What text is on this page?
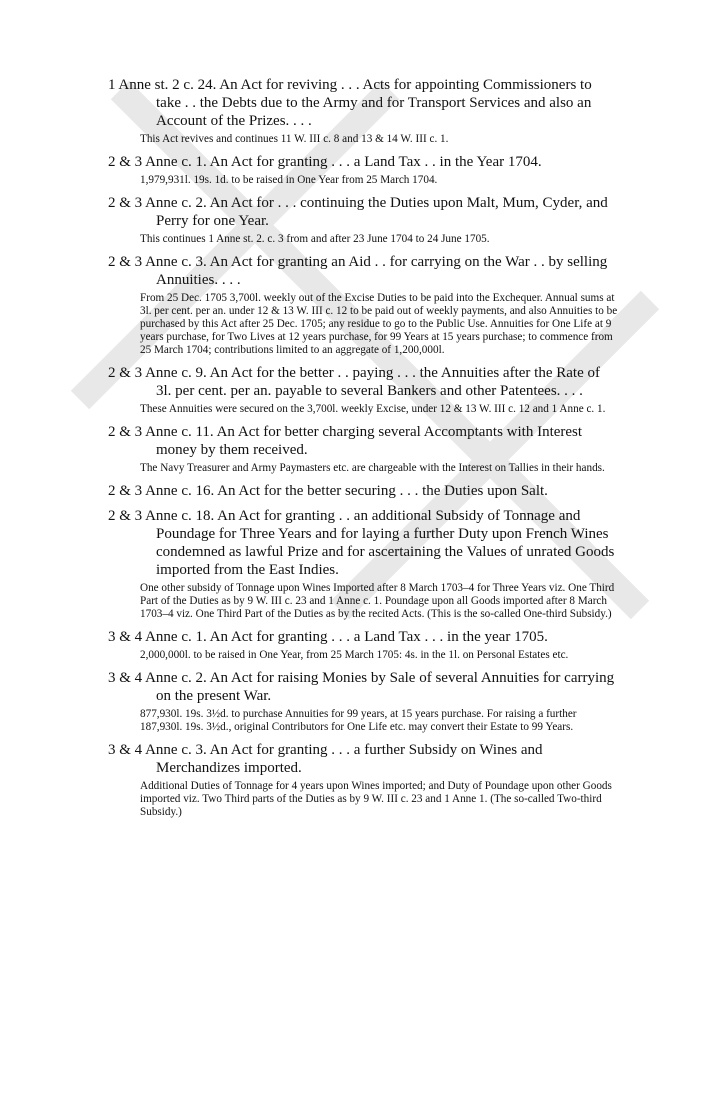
1 Anne st. 2 c. 24. An Act for reviving . . . Acts for appointing Commissioners to take . . the Debts due to the Army and for Transport Services and also an Account of the Prizes. . . .
This Act revives and continues 11 W. III c. 8 and 13 & 14 W. III c. 1.
2 & 3 Anne c. 1. An Act for granting . . . a Land Tax . . in the Year 1704.
1,979,931l. 19s. 1d. to be raised in One Year from 25 March 1704.
2 & 3 Anne c. 2. An Act for . . . continuing the Duties upon Malt, Mum, Cyder, and Perry for one Year.
This continues 1 Anne st. 2. c. 3 from and after 23 June 1704 to 24 June 1705.
2 & 3 Anne c. 3. An Act for granting an Aid . . for carrying on the War . . by selling Annuities. . . .
From 25 Dec. 1705 3,700l. weekly out of the Excise Duties to be paid into the Exchequer. Annual sums at 3l. per cent. per an. under 12 & 13 W. III c. 12 to be paid out of weekly payments, and also Annuities to be purchased by this Act after 25 Dec. 1705; any residue to go to the Public Use. Annuities for One Life at 9 years purchase, for Two Lives at 12 years purchase, for 99 Years at 15 years purchase; to commence from 25 March 1704; contributions limited to an aggregate of 1,200,000l.
2 & 3 Anne c. 9. An Act for the better . . paying . . . the Annuities after the Rate of 3l. per cent. per an. payable to several Bankers and other Patentees. . . .
These Annuities were secured on the 3,700l. weekly Excise, under 12 & 13 W. III c. 12 and 1 Anne c. 1.
2 & 3 Anne c. 11. An Act for better charging several Accomptants with Interest money by them received.
The Navy Treasurer and Army Paymasters etc. are chargeable with the Interest on Tallies in their hands.
2 & 3 Anne c. 16. An Act for the better securing . . . the Duties upon Salt.
2 & 3 Anne c. 18. An Act for granting . . an additional Subsidy of Tonnage and Poundage for Three Years and for laying a further Duty upon French Wines condemned as lawful Prize and for ascertaining the Values of unrated Goods imported from the East Indies.
One other subsidy of Tonnage upon Wines Imported after 8 March 1703–4 for Three Years viz. One Third Part of the Duties as by 9 W. III c. 23 and 1 Anne c. 1. Poundage upon all Goods imported after 8 March 1703–4 viz. One Third Part of the Duties as by the recited Acts. (This is the so-called One-third Subsidy.)
3 & 4 Anne c. 1. An Act for granting . . . a Land Tax . . . in the year 1705.
2,000,000l. to be raised in One Year, from 25 March 1705: 4s. in the 1l. on Personal Estates etc.
3 & 4 Anne c. 2. An Act for raising Monies by Sale of several Annuities for carrying on the present War.
877,930l. 19s. 3½d. to purchase Annuities for 99 years, at 15 years purchase. For raising a further 187,930l. 19s. 3½d., original Contributors for One Life etc. may convert their Estate to 99 Years.
3 & 4 Anne c. 3. An Act for granting . . . a further Subsidy on Wines and Merchandizes imported.
Additional Duties of Tonnage for 4 years upon Wines imported; and Duty of Poundage upon other Goods imported viz. Two Third parts of the Duties as by 9 W. III c. 23 and 1 Anne 1. (The so-called Two-third Subsidy.)
